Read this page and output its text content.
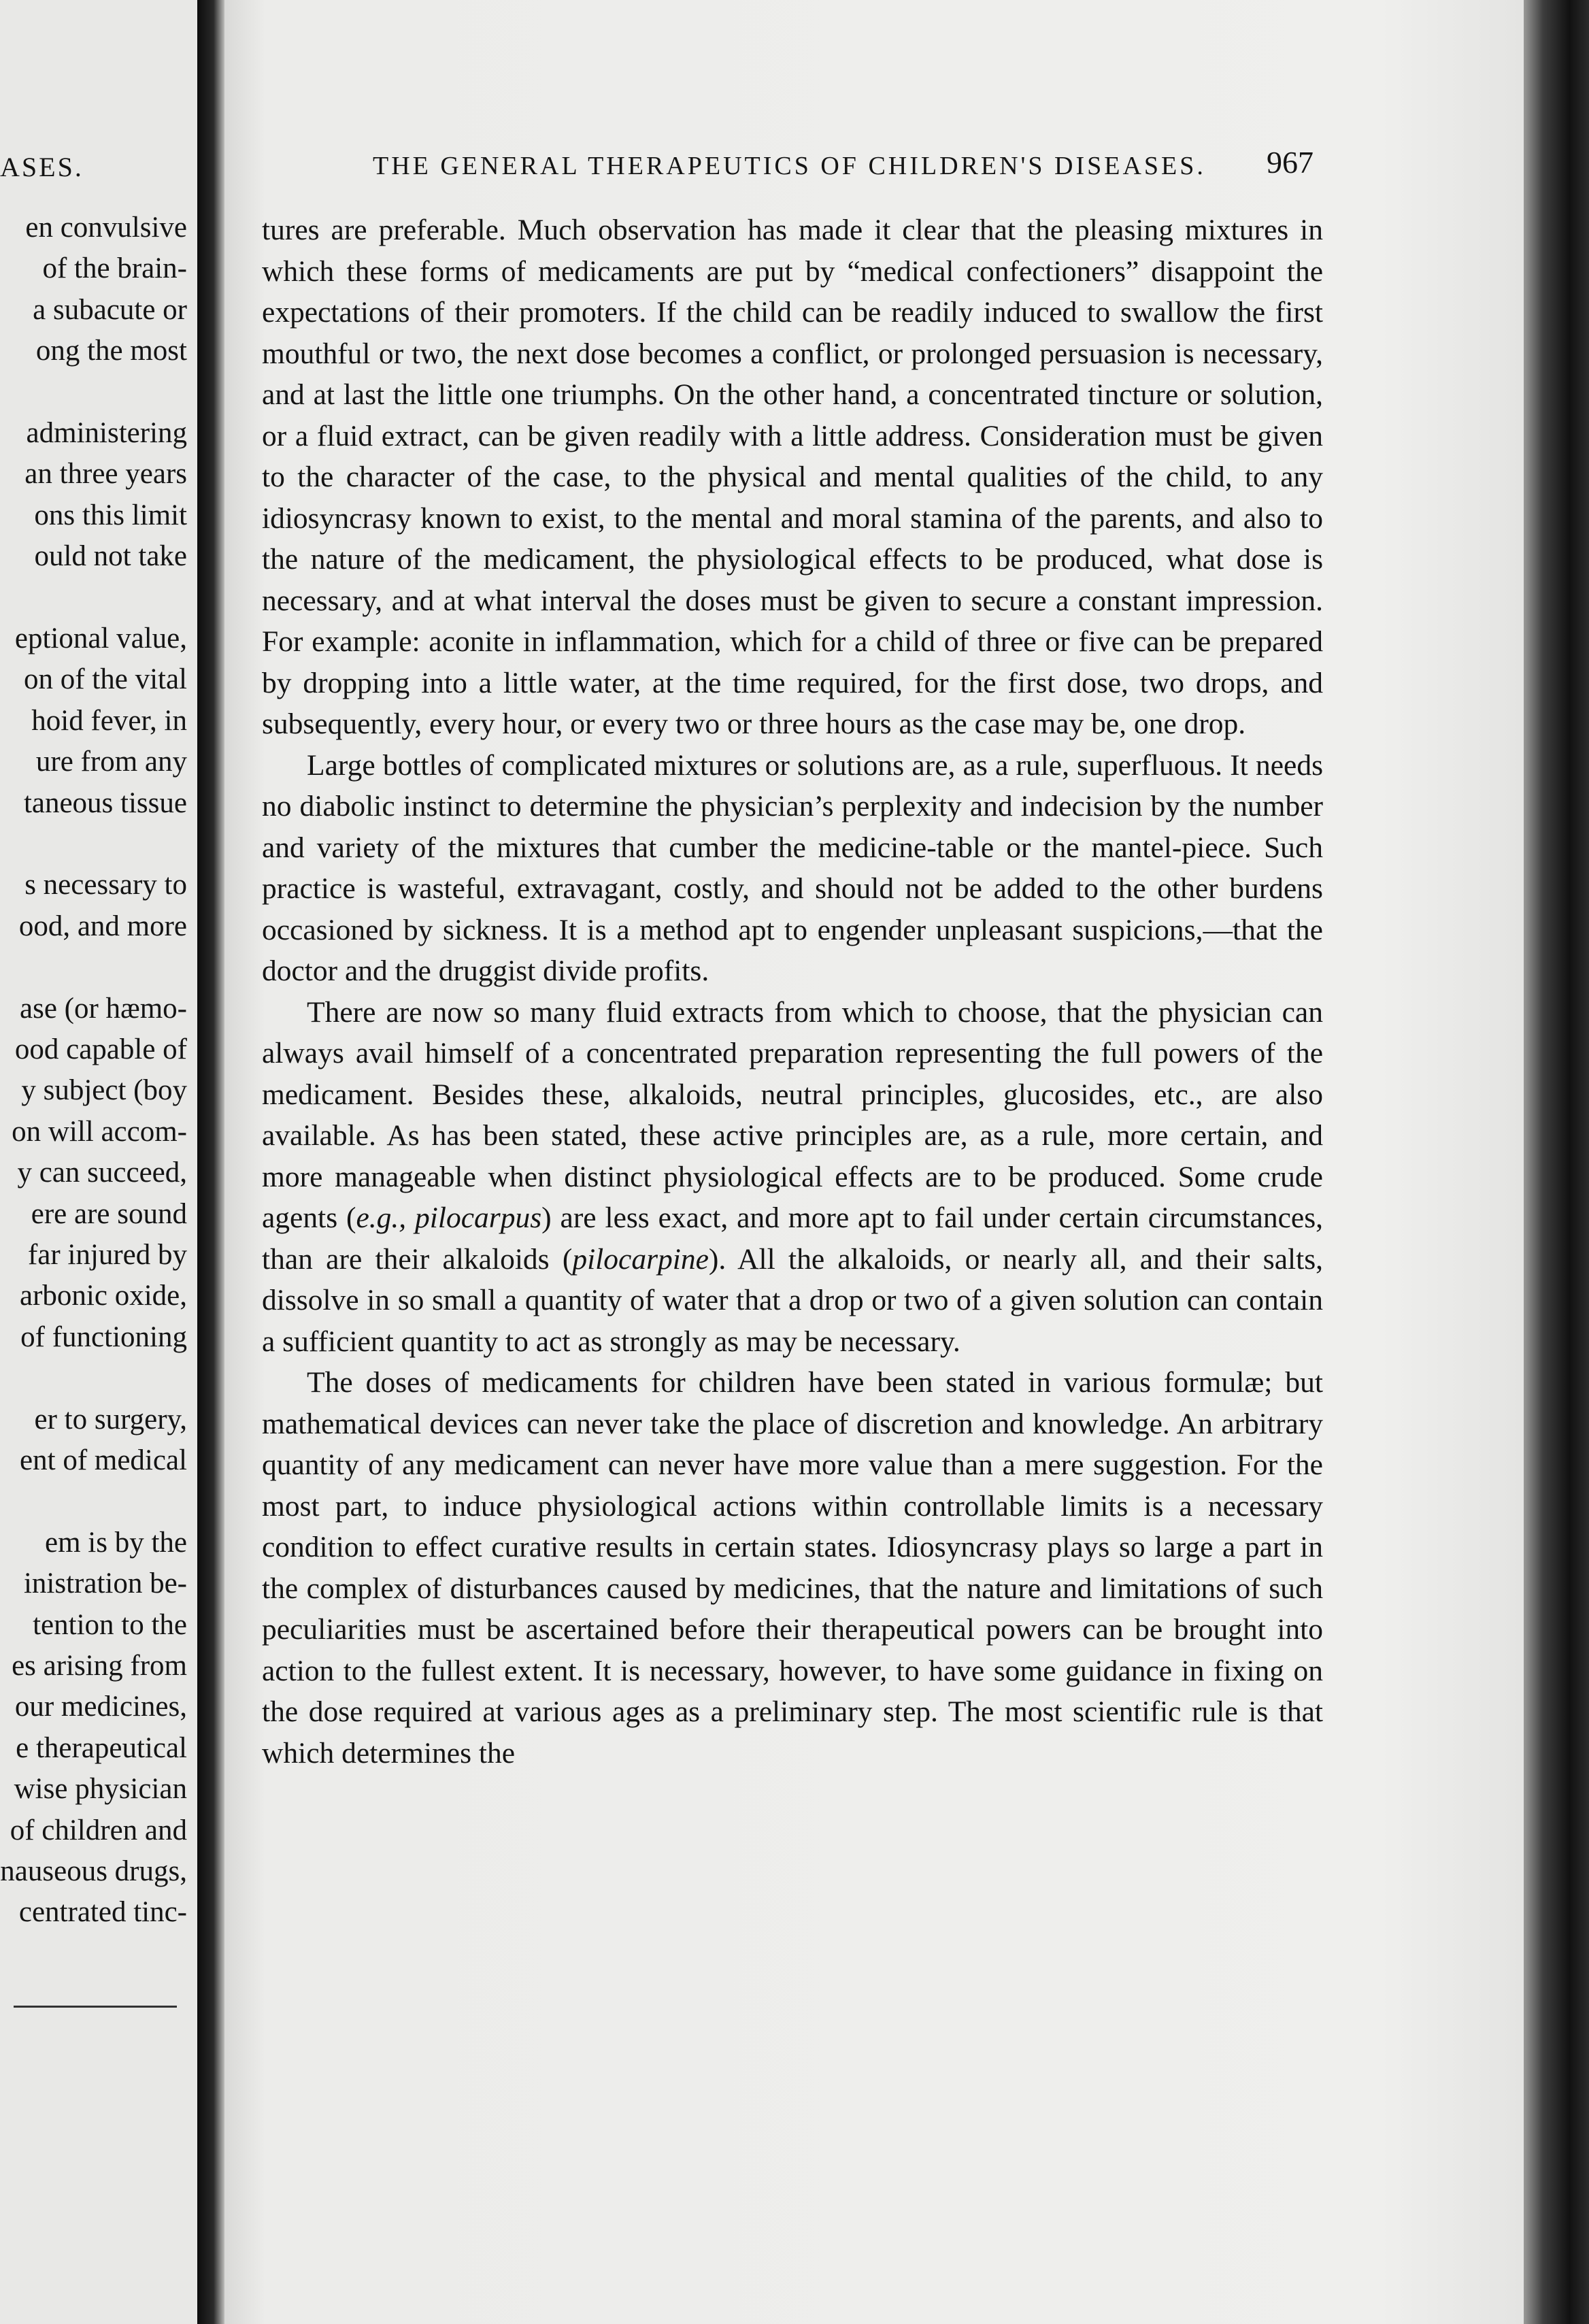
ASES.
en convulsive
of the brain-
a subacute or
ong the most
administering
an three years
ons this limit
ould not take
eptional value,
on of the vital
hoid fever, in
ure from any
taneous tissue
s necessary to
ood, and more
ase (or hæmo-
ood capable of
y subject (boy
on will accom-
y can succeed,
ere are sound
far injured by
arbonic oxide,
of functioning
er to surgery,
ent of medical
em is by the
inistration be-
tention to the
es arising from
our medicines,
e therapeutical
wise physician
of children and
nauseous drugs,
centrated tinc-
THE GENERAL THERAPEUTICS OF CHILDREN'S DISEASES. 967

tures are preferable. Much observation has made it clear that the pleasing mixtures in which these forms of medicaments are put by “medical confectioners” disappoint the expectations of their promoters. If the child can be readily induced to swallow the first mouthful or two, the next dose becomes a conflict, or prolonged persuasion is necessary, and at last the little one triumphs. On the other hand, a concentrated tincture or solution, or a fluid extract, can be given readily with a little address. Consideration must be given to the character of the case, to the physical and mental qualities of the child, to any idiosyncrasy known to exist, to the mental and moral stamina of the parents, and also to the nature of the medicament, the physiological effects to be produced, what dose is necessary, and at what interval the doses must be given to secure a constant impression. For example: aconite in inflammation, which for a child of three or five can be prepared by dropping into a little water, at the time required, for the first dose, two drops, and subsequently, every hour, or every two or three hours as the case may be, one drop.

Large bottles of complicated mixtures or solutions are, as a rule, superfluous. It needs no diabolic instinct to determine the physician’s perplexity and indecision by the number and variety of the mixtures that cumber the medicine-table or the mantel-piece. Such practice is wasteful, extravagant, costly, and should not be added to the other burdens occasioned by sickness. It is a method apt to engender unpleasant suspicions,—that the doctor and the druggist divide profits.

There are now so many fluid extracts from which to choose, that the physician can always avail himself of a concentrated preparation representing the full powers of the medicament. Besides these, alkaloids, neutral principles, glucosides, etc., are also available. As has been stated, these active principles are, as a rule, more certain, and more manageable when distinct physiological effects are to be produced. Some crude agents (e.g., pilocarpus) are less exact, and more apt to fail under certain circumstances, than are their alkaloids (pilocarpine). All the alkaloids, or nearly all, and their salts, dissolve in so small a quantity of water that a drop or two of a given solution can contain a sufficient quantity to act as strongly as may be necessary.

The doses of medicaments for children have been stated in various formulæ; but mathematical devices can never take the place of discretion and knowledge. An arbitrary quantity of any medicament can never have more value than a mere suggestion. For the most part, to induce physiological actions within controllable limits is a necessary condition to effect curative results in certain states. Idiosyncrasy plays so large a part in the complex of disturbances caused by medicines, that the nature and limitations of such peculiarities must be ascertained before their therapeutical powers can be brought into action to the fullest extent. It is necessary, however, to have some guidance in fixing on the dose required at various ages as a preliminary step. The most scientific rule is that which determines the
